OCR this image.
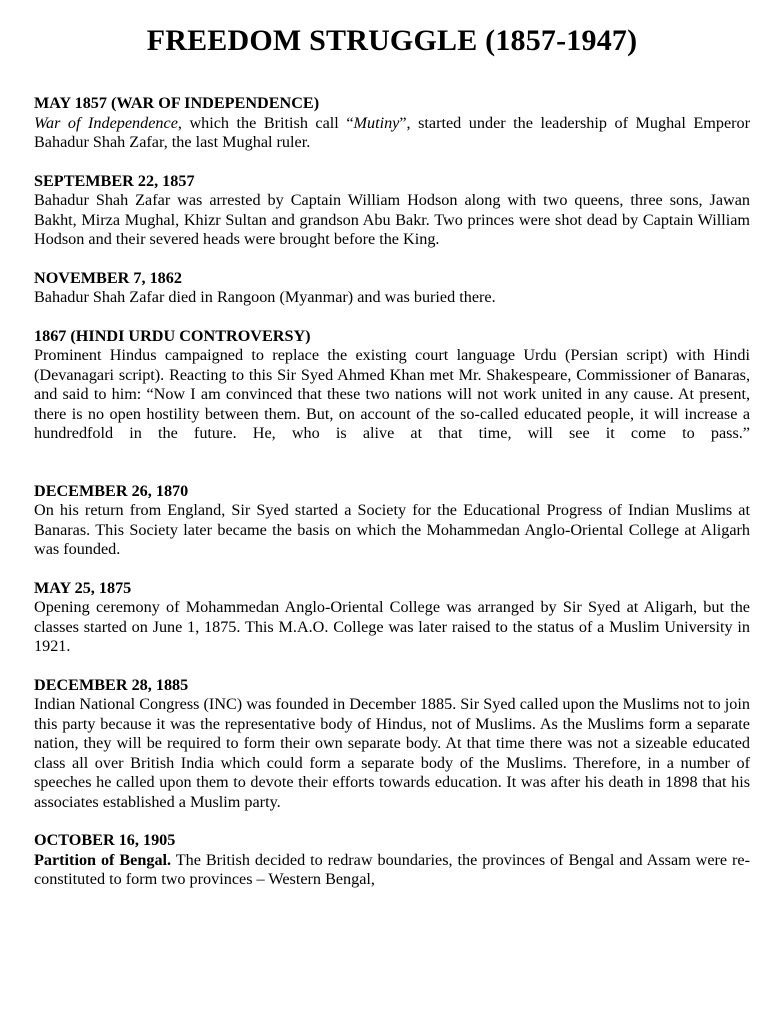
FREEDOM STRUGGLE (1857-1947)

MAY 1857 (WAR OF INDEPENDENCE)

War of Independence, which the British call “Mutiny”, started under the leadership of Mughal Emperor Bahadur Shah Zafar, the last Mughal ruler.

SEPTEMBER 22, 1857

Bahadur Shah Zafar was arrested by Captain William Hodson along with two queens, three sons, Jawan Bakht, Mirza Mughal, Khizr Sultan and grandson Abu Bakr. Two princes were shot dead by Captain William Hodson and their severed heads were brought before the King.

NOVEMBER 7, 1862

Bahadur Shah Zafar died in Rangoon (Myanmar) and was buried there.

1867 (HINDI URDU CONTROVERSY)

Prominent Hindus campaigned to replace the existing court language Urdu (Persian script) with Hindi (Devanagari script). Reacting to this Sir Syed Ahmed Khan met Mr. Shakespeare, Commissioner of Banaras, and said to him: “Now I am convinced that these two nations will not work united in any cause. At present, there is no open hostility between them. But, on account of the so-called educated people, it will increase a hundredfold in the future. He, who is alive at that time, will see it come to pass.”

DECEMBER 26, 1870

On his return from England, Sir Syed started a Society for the Educational Progress of Indian Muslims at Banaras. This Society later became the basis on which the Mohammedan Anglo-Oriental College at Aligarh was founded.

MAY 25, 1875

Opening ceremony of Mohammedan Anglo-Oriental College was arranged by Sir Syed at Aligarh, but the classes started on June 1, 1875. This M.A.O. College was later raised to the status of a Muslim University in 1921.

DECEMBER 28, 1885

Indian National Congress (INC) was founded in December 1885. Sir Syed called upon the Muslims not to join this party because it was the representative body of Hindus, not of Muslims. As the Muslims form a separate nation, they will be required to form their own separate body. At that time there was not a sizeable educated class all over British India which could form a separate body of the Muslims. Therefore, in a number of speeches he called upon them to devote their efforts towards education. It was after his death in 1898 that his associates established a Muslim party.

OCTOBER 16, 1905

Partition of Bengal. The British decided to redraw boundaries, the provinces of Bengal and Assam were re-constituted to form two provinces – Western Bengal,
